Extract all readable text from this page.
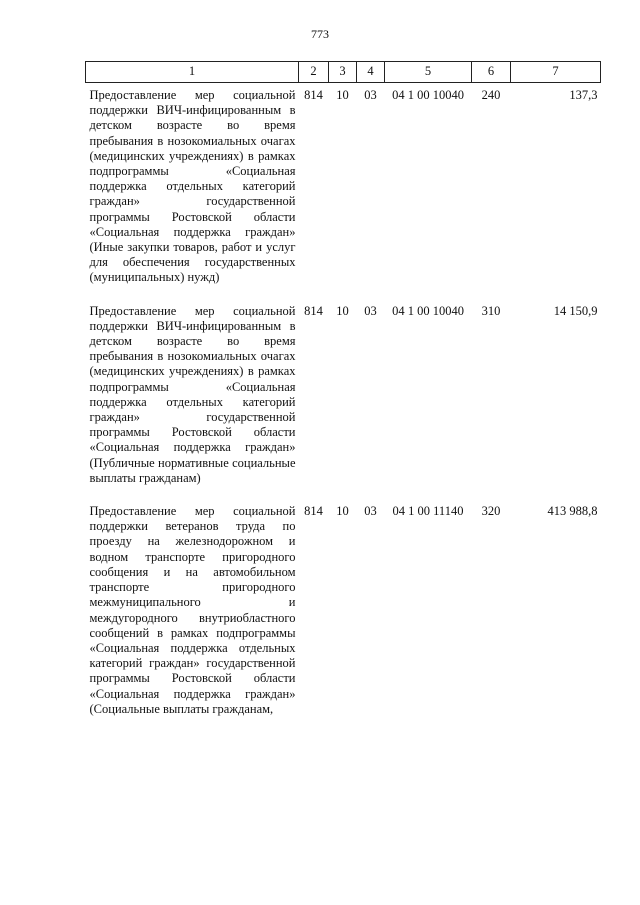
773
1	2	3	4	5	6	7
Предоставление мер социальной поддержки ВИЧ-инфицированным в детском возрасте во время пребывания в нозокомиальных очагах (медицинских учреждениях) в рамках подпрограммы «Социальная поддержка отдельных категорий граждан» государственной программы Ростовской области «Социальная поддержка граждан» (Иные закупки товаров, работ и услуг для обеспечения государственных (муниципальных) нужд)	814	10	03	04 1 00 10040	240	137,3
Предоставление мер социальной поддержки ВИЧ-инфицированным в детском возрасте во время пребывания в нозокомиальных очагах (медицинских учреждениях) в рамках подпрограммы «Социальная поддержка отдельных категорий граждан» государственной программы Ростовской области «Социальная поддержка граждан» (Публичные нормативные социальные выплаты гражданам)	814	10	03	04 1 00 10040	310	14 150,9
Предоставление мер социальной поддержки ветеранов труда по проезду на железнодорожном и водном транспорте пригородного сообщения и на автомобильном транспорте пригородного межмуниципального и междугородного внутриобластного сообщений в рамках подпрограммы «Социальная поддержка отдельных категорий граждан» государственной программы Ростовской области «Социальная поддержка граждан» (Социальные выплаты гражданам,	814	10	03	04 1 00 11140	320	413 988,8
